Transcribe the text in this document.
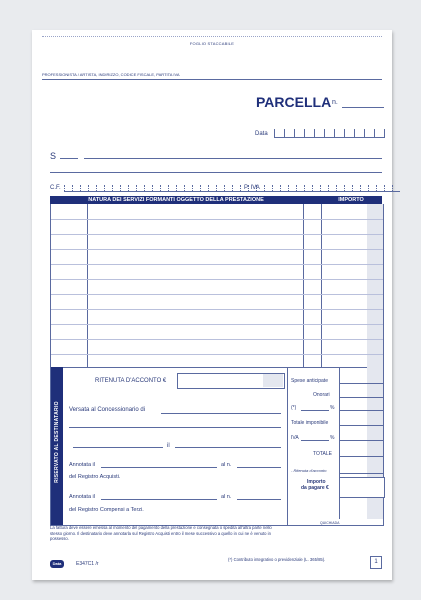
FOGLIO STACCABILE
PROFESSIONISTA / ARTISTA, INDIRIZZO, CODICE FISCALE, PARTITA IVA
PARCELLA n.
Data
S
C.F.	P. IVA
NATURA DEI SERVIZI FORMANTI OGGETTO DELLA PRESTAZIONE	IMPORTO
RISERVATO AL DESTINATARIO
RITENUTA D'ACCONTO €
Versata al Concessionario di
il
Annotata il	al n.
del Registro Acquisti.
Annotata il	al n.
del Registro Compensi a Terzi.
Spese anticipate
Onorari
(*)	%
Totale imponibile
IVA	%
TOTALE
- Ritenuta d'acconto
Importo
da pagare €
QUICHIADA
La fattura deve essere emessa al momento del pagamento della prestazione e consegnata o spedita all'altra parte nello stesso giorno. Il destinatario deve annotarla sul Registro Acquisti entro il mese successivo a quello in cui ne è venuto in possesso.
Data	E347C1 /r
(*) Contributo integrativo o previdenziale (L. 365/85).	1
